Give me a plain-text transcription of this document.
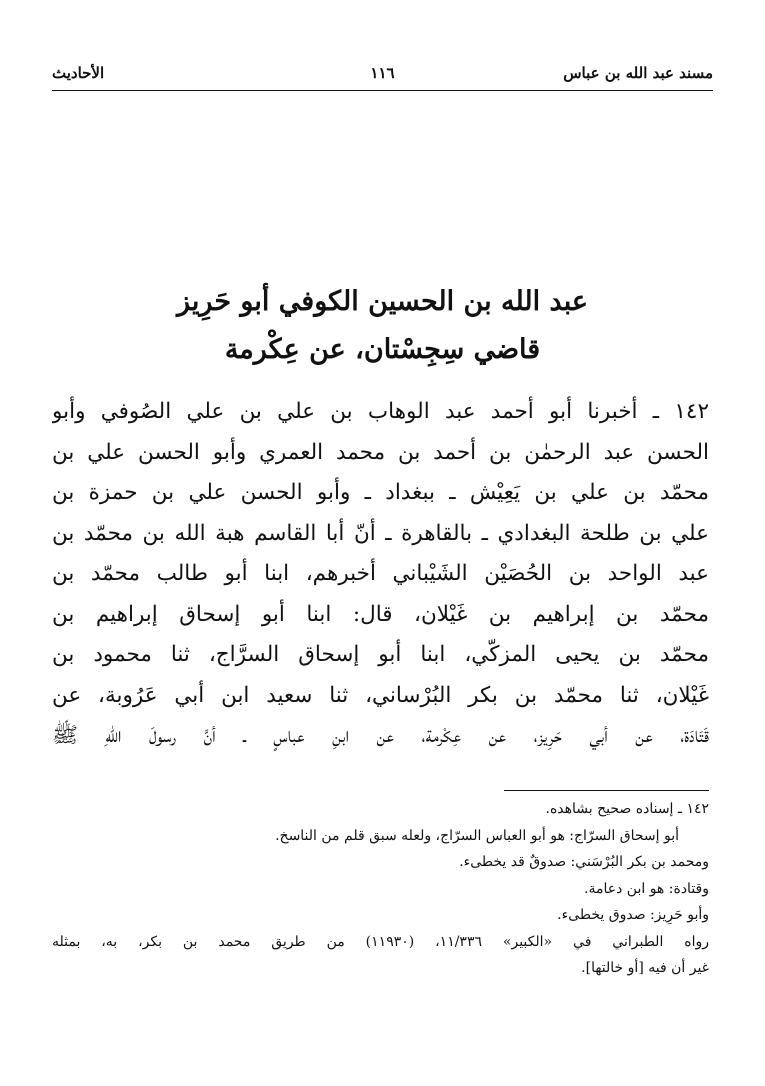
مسند عبد الله بن عباس
١١٦
الأحاديث
عبد الله بن الحسين الكوفي أبو حَرِيز
قاضي سِجِسْتان، عن عِكْرمة
١٤٢ ـ أخبرنا أبو أحمد عبد الوهاب بن علي بن علي الصُوفي وأبو
الحسن عبد الرحمٰن بن أحمد بن محمد العمري وأبو الحسن علي بن
محمّد بن علي بن يَعِيْش ـ ببغداد ـ وأبو الحسن علي بن حمزة بن
علي بن طلحة البغدادي ـ بالقاهرة ـ أنّ أبا القاسم هبة الله بن محمّد بن
عبد الواحد بن الحُصَيْن الشَيْباني أخبرهم، ابنا أبو طالب محمّد بن
محمّد بن إبراهيم بن غَيْلان، قال: ابنا أبو إسحاق إبراهيم بن
محمّد بن يحيى المزكّي، ابنا أبو إسحاق السرَّاج، ثنا محمود بن
غَيْلان، ثنا محمّد بن بكر البُرْساني، ثنا سعيد ابن أبي عَرُوبة، عن
قَتَادَة، عن أبي حَرِيز، عن عِكْرمة، عن ابنِ عباسٍ ـ أنَّ رسولَ اللهِ ﷺ
١٤٢ ـ إسناده صحيح بشاهده.
أبو إسحاق السرّاج: هو أبو العباس السرّاج، ولعله سبق قلم من الناسخ.
ومحمد بن بكر البُرْسَني: صدوقٌ قد يخطىء.
وقتادة: هو ابن دعامة.
وأبو حَرِيز: صدوق يخطىء.
رواه الطبراني في «الكبير» ١١/٣٣٦، (١١٩٣٠) من طريق محمد بن بكر، به، بمثله
غير أن فيه [أو خالتها].
